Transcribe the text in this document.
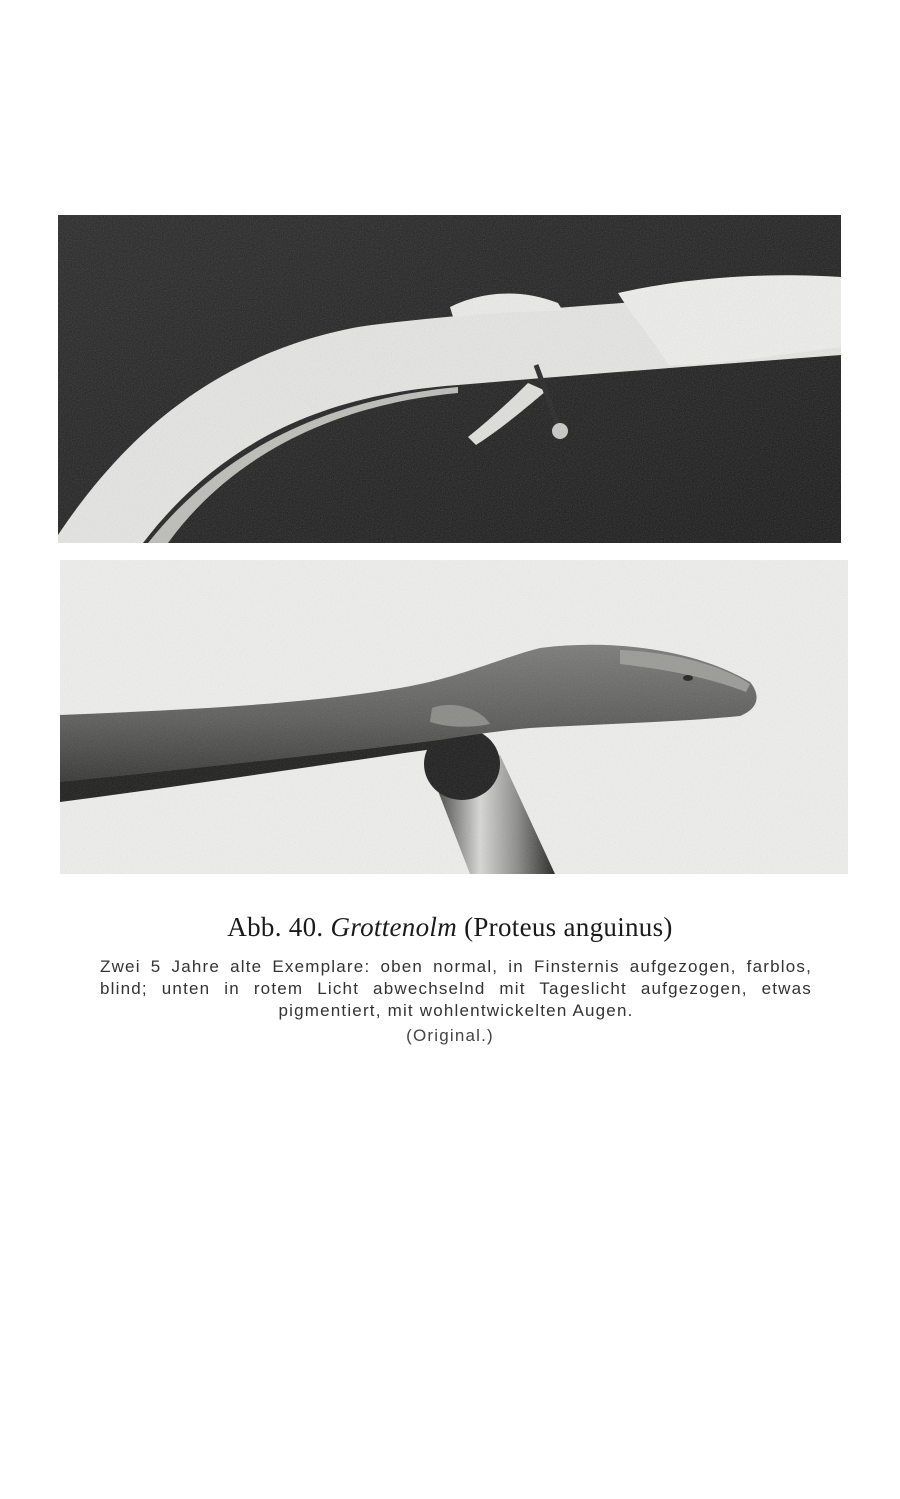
Abb. 40. Grottenolm (Proteus anguinus)
Zwei 5 Jahre alte Exemplare: oben normal, in Finsternis aufgezogen, farblos, blind; unten in rotem Licht abwechselnd mit Tageslicht aufgezogen, etwas pigmentiert, mit wohlentwickelten Augen.
(Original.)
